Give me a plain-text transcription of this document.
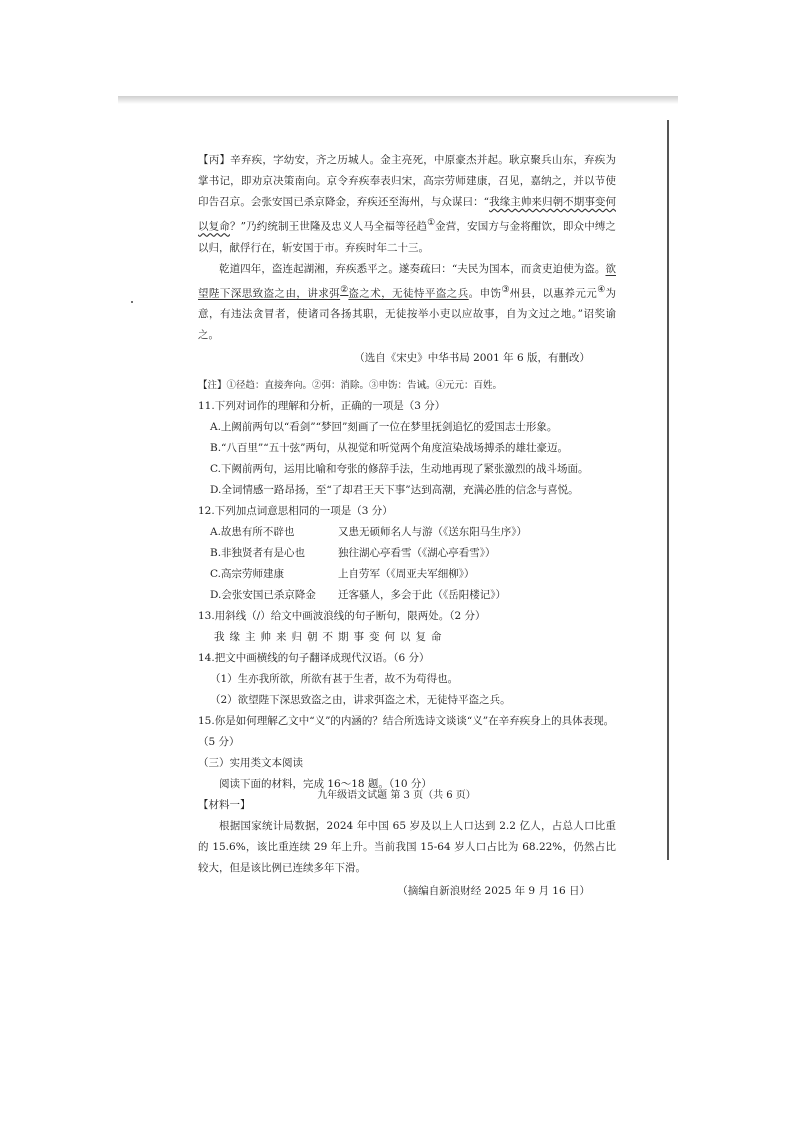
【丙】辛弃疾，字幼安，齐之历城人。金主亮死，中原豪杰并起。耿京聚兵山东，弃疾为掌书记，即劝京决策南向。京令弃疾奉表归宋，高宗劳师建康，召见，嘉纳之，并以节使印告召京。会张安国已杀京降金，弃疾还至海州，与众谋曰：“我缘主帅来归朝不期事变何以复命？”乃约统制王世隆及忠义人马全福等径趋①金营，安国方与金将酣饮，即众中缚之以归，献俘行在，斩安国于市。弃疾时年二十三。

乾道四年，盗连起湖湘，弃疾悉平之。遂奏疏曰：“夫民为国本，而贪吏迫使为盗。欲望陛下深思致盗之由，讲求弭②盗之术，无徒恃平盗之兵。申饬③州县，以惠养元元④为意，有违法贪冒者，使诸司各扬其职，无徒按举小吏以应故事，自为文过之地。”诏奖谕之。

（选自《宋史》中华书局 2001 年 6 版，有删改）

【注】①径趋：直接奔向。②弭：消除。③申饬：告诫。④元元：百姓。

11.下列对词作的理解和分析，正确的一项是（3 分）

A.上阙前两句以“看剑”“梦回”刻画了一位在梦里抚剑追忆的爱国志士形象。

B.“八百里”“五十弦”两句，从视觉和听觉两个角度渲染战场搏杀的雄壮豪迈。

C.下阙前两句，运用比喻和夸张的修辞手法，生动地再现了紧张激烈的战斗场面。

D.全词情感一路昂扬，至“了却君王天下事”达到高潮，充满必胜的信念与喜悦。

12.下列加点词意思相同的一项是（3 分）

A.故患有所不辟也	又患无硕师名人与游（《送东阳马生序》）
B.非独贤者有是心也	独往湖心亭看雪（《湖心亭看雪》）
C.高宗劳师建康	上自劳军（《周亚夫军细柳》）
D.会张安国已杀京降金	迁客骚人，多会于此（《岳阳楼记》）

13.用斜线（/）给文中画波浪线的句子断句，限两处。（2 分）

我缘主帅来归朝不期事变何以复命

14.把文中画横线的句子翻译成现代汉语。（6 分）

（1）生亦我所欲，所欲有甚于生者，故不为苟得也。

（2）欲望陛下深思致盗之由，讲求弭盗之术，无徒恃平盗之兵。

15.你是如何理解乙文中“义”的内涵的？结合所选诗文谈谈“义”在辛弃疾身上的具体表现。（5 分）

（三）实用类文本阅读

阅读下面的材料，完成 16～18 题。（10 分）

【材料一】

根据国家统计局数据，2024 年中国 65 岁及以上人口达到 2.2 亿人，占总人口比重的 15.6%，该比重连续 29 年上升。当前我国 15-64 岁人口占比为 68.22%，仍然占比较大，但是该比例已连续多年下滑。

（摘编自新浪财经 2025 年 9 月 16 日）

九年级语文试题 第 3 页（共 6 页）
